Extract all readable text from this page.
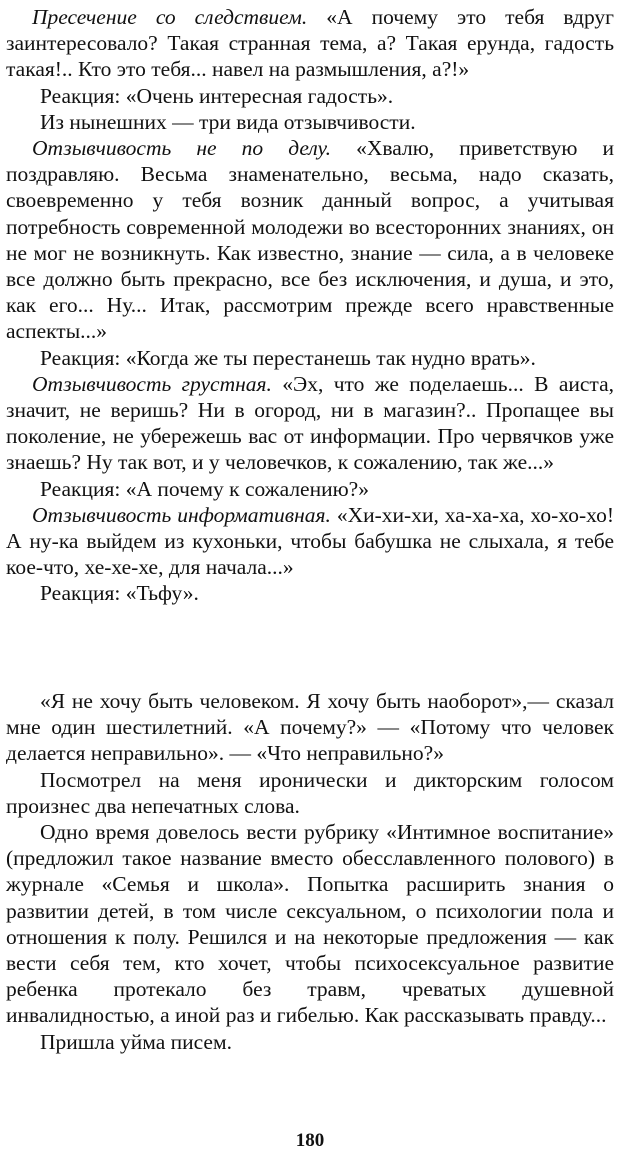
Пресечение со следствием. «А почему это тебя вдруг заинтересовало? Такая странная тема, а? Такая ерунда, гадость такая!.. Кто это тебя... навел на размышления, а?!»

Реакция: «Очень интересная гадость».

Из нынешних — три вида отзывчивости.

Отзывчивость не по делу. «Хвалю, приветствую и поздравляю. Весьма знаменательно, весьма, надо сказать, своевременно у тебя возник данный вопрос, а учитывая потребность современной молодежи во всесторонних знаниях, он не мог не возникнуть. Как известно, знание — сила, а в человеке все должно быть прекрасно, все без исключения, и душа, и это, как его... Ну... Итак, рассмотрим прежде всего нравственные аспекты...»

Реакция: «Когда же ты перестанешь так нудно врать».

Отзывчивость грустная. «Эх, что же поделаешь... В аиста, значит, не веришь? Ни в огород, ни в магазин?.. Пропащее вы поколение, не убережешь вас от информации. Про червячков уже знаешь? Ну так вот, и у человечков, к сожалению, так же...»

Реакция: «А почему к сожалению?»

Отзывчивость информативная. «Хи-хи-хи, ха-ха-ха, хо-хо-хо! А ну-ка выйдем из кухоньки, чтобы бабушка не слыхала, я тебе кое-что, хе-хе-хе, для начала...»

Реакция: «Тьфу».

«Я не хочу быть человеком. Я хочу быть наоборот»,— сказал мне один шестилетний. «А почему?» — «Потому что человек делается неправильно». — «Что неправильно?»

Посмотрел на меня иронически и дикторским голосом произнес два непечатных слова.

Одно время довелось вести рубрику «Интимное воспитание» (предложил такое название вместо обесславленного полового) в журнале «Семья и школа». Попытка расширить знания о развитии детей, в том числе сексуальном, о психологии пола и отношения к полу. Решился и на некоторые предложения — как вести себя тем, кто хочет, чтобы психосексуальное развитие ребенка протекало без травм, чреватых душевной инвалидностью, а иной раз и гибелью. Как рассказывать правду...

Пришла уйма писем.

180
